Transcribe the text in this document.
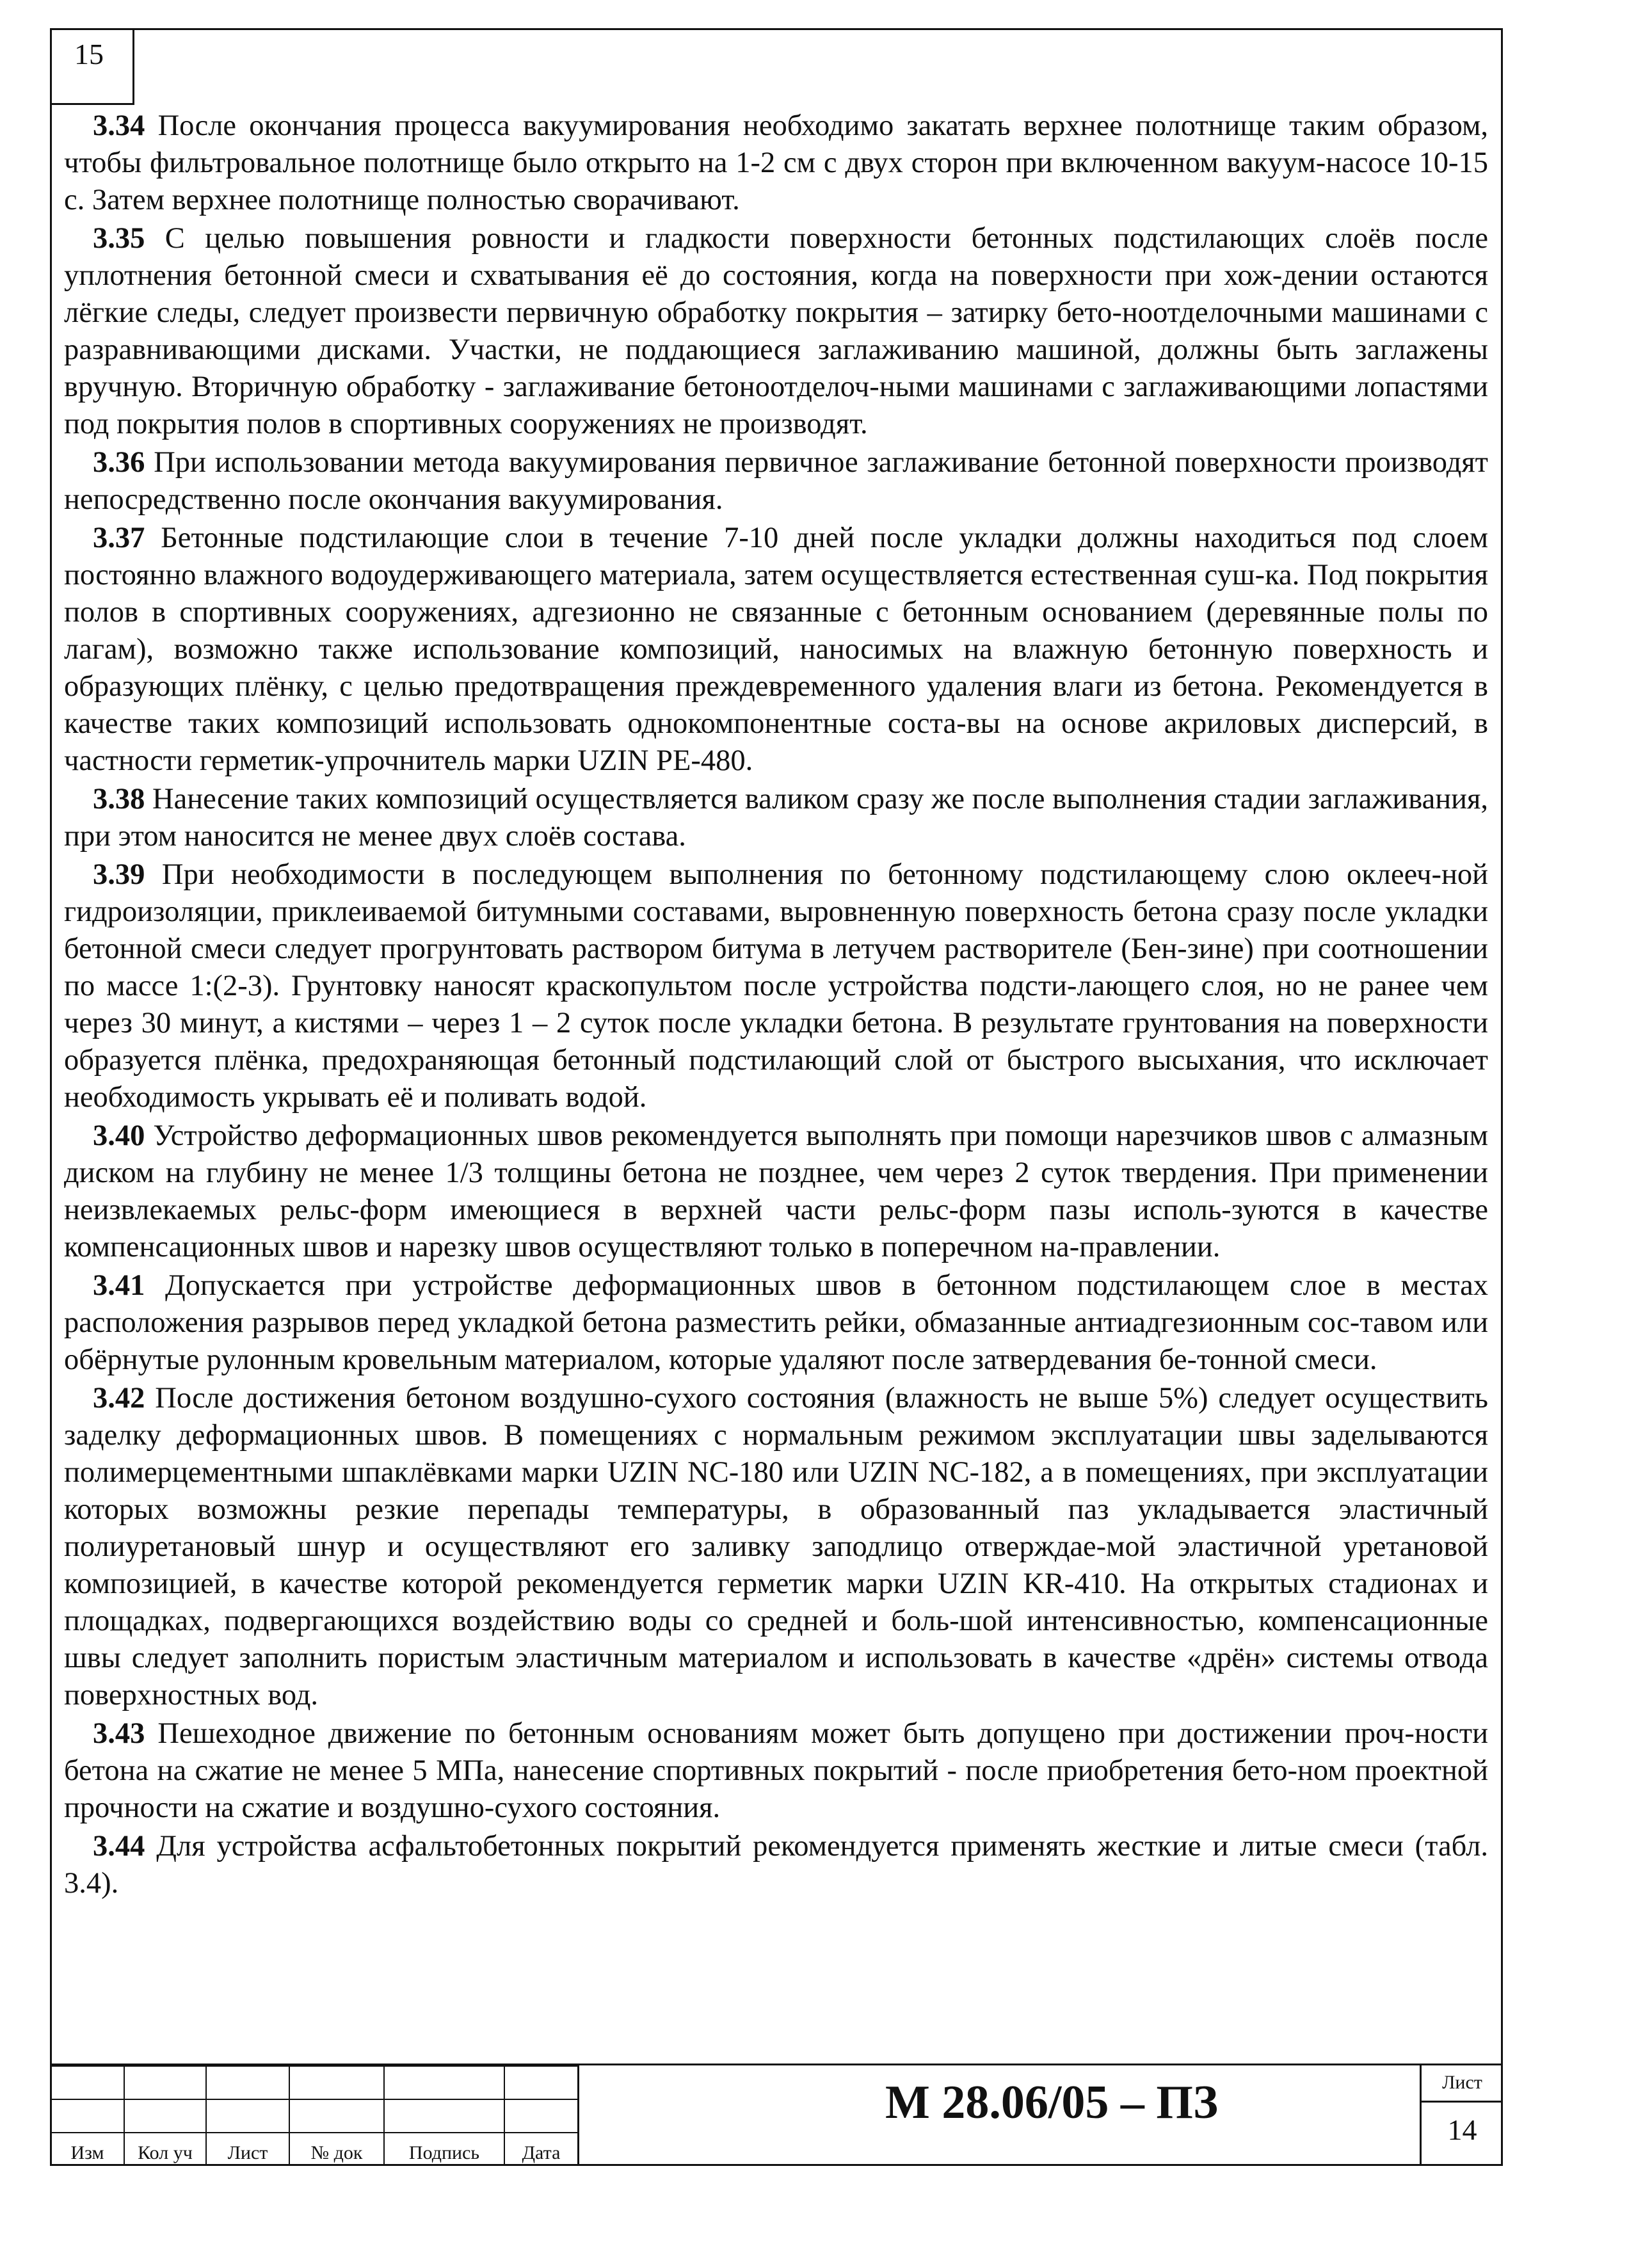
15

3.34 После окончания процесса вакуумирования необходимо закатать верхнее полотнище таким образом, чтобы фильтровальное полотнище было открыто на 1-2 см с двух сторон при включенном вакуум-насосе 10-15 с. Затем верхнее полотнище полностью сворачивают.

3.35 С целью повышения ровности и гладкости поверхности бетонных подстилающих слоёв после уплотнения бетонной смеси и схватывания её до состояния, когда на поверхности при хож-дении остаются лёгкие следы, следует произвести первичную обработку покрытия – затирку бето-ноотделочными машинами с разравнивающими дисками. Участки, не поддающиеся заглаживанию машиной, должны быть заглажены вручную. Вторичную обработку - заглаживание бетоноотделоч-ными машинами с заглаживающими лопастями под покрытия полов в спортивных сооружениях не производят.

3.36 При использовании метода вакуумирования первичное заглаживание бетонной поверхности производят непосредственно после окончания вакуумирования.

3.37 Бетонные подстилающие слои в течение 7-10 дней после укладки должны находиться под слоем постоянно влажного водоудерживающего материала, затем осуществляется естественная суш-ка. Под покрытия полов в спортивных сооружениях, адгезионно не связанные с бетонным основанием (деревянные полы по лагам), возможно также использование композиций, наносимых на влажную бетонную поверхность и образующих плёнку, с целью предотвращения преждевременного удаления влаги из бетона. Рекомендуется в качестве таких композиций использовать однокомпонентные соста-вы на основе акриловых дисперсий, в частности герметик-упрочнитель марки UZIN PE-480.

3.38 Нанесение таких композиций осуществляется валиком сразу же после выполнения стадии заглаживания, при этом наносится не менее двух слоёв состава.

3.39 При необходимости в последующем выполнения по бетонному подстилающему слою оклееч-ной гидроизоляции, приклеиваемой битумными составами, выровненную поверхность бетона сразу после укладки бетонной смеси следует прогрунтовать раствором битума в летучем растворителе (Бен-зине) при соотношении по массе 1:(2-3). Грунтовку наносят краскопультом после устройства подсти-лающего слоя, но не ранее чем через 30 минут, а кистями – через 1 – 2 суток после укладки бетона. В результате грунтования на поверхности образуется плёнка, предохраняющая бетонный подстилающий слой от быстрого высыхания, что исключает необходимость укрывать её и поливать водой.

3.40 Устройство деформационных швов рекомендуется выполнять при помощи нарезчиков швов с алмазным диском на глубину не менее 1/3 толщины бетона не позднее, чем через 2 суток твердения. При применении неизвлекаемых рельс-форм имеющиеся в верхней части рельс-форм пазы исполь-зуются в качестве компенсационных швов и нарезку швов осуществляют только в поперечном на-правлении.

3.41 Допускается при устройстве деформационных швов в бетонном подстилающем слое в местах расположения разрывов перед укладкой бетона разместить рейки, обмазанные антиадгезионным сос-тавом или обёрнутые рулонным кровельным материалом, которые удаляют после затвердевания бе-тонной смеси.

3.42 После достижения бетоном воздушно-сухого состояния (влажность не выше 5%) следует осуществить заделку деформационных швов. В помещениях с нормальным режимом эксплуатации швы заделываются полимерцементными шпаклёвками марки UZIN NC-180 или UZIN NC-182, а в помещениях, при эксплуатации которых возможны резкие перепады температуры, в образованный паз укладывается эластичный полиуретановый шнур и осуществляют его заливку заподлицо отверждае-мой эластичной уретановой композицией, в качестве которой рекомендуется герметик марки UZIN KR-410. На открытых стадионах и площадках, подвергающихся воздействию воды со средней и боль-шой интенсивностью, компенсационные швы следует заполнить пористым эластичным материалом и использовать в качестве «дрён» системы отвода поверхностных вод.

3.43 Пешеходное движение по бетонным основаниям может быть допущено при достижении проч-ности бетона на сжатие не менее 5 МПа, нанесение спортивных покрытий - после приобретения бето-ном проектной прочности на сжатие и воздушно-сухого состояния.

3.44 Для устройства асфальтобетонных покрытий рекомендуется применять жесткие и литые смеси (табл. 3.4).

Изм	Кол уч	Лист	№ док	Подпись	Дата
М 28.06/05 – ПЗ	Лист
14
